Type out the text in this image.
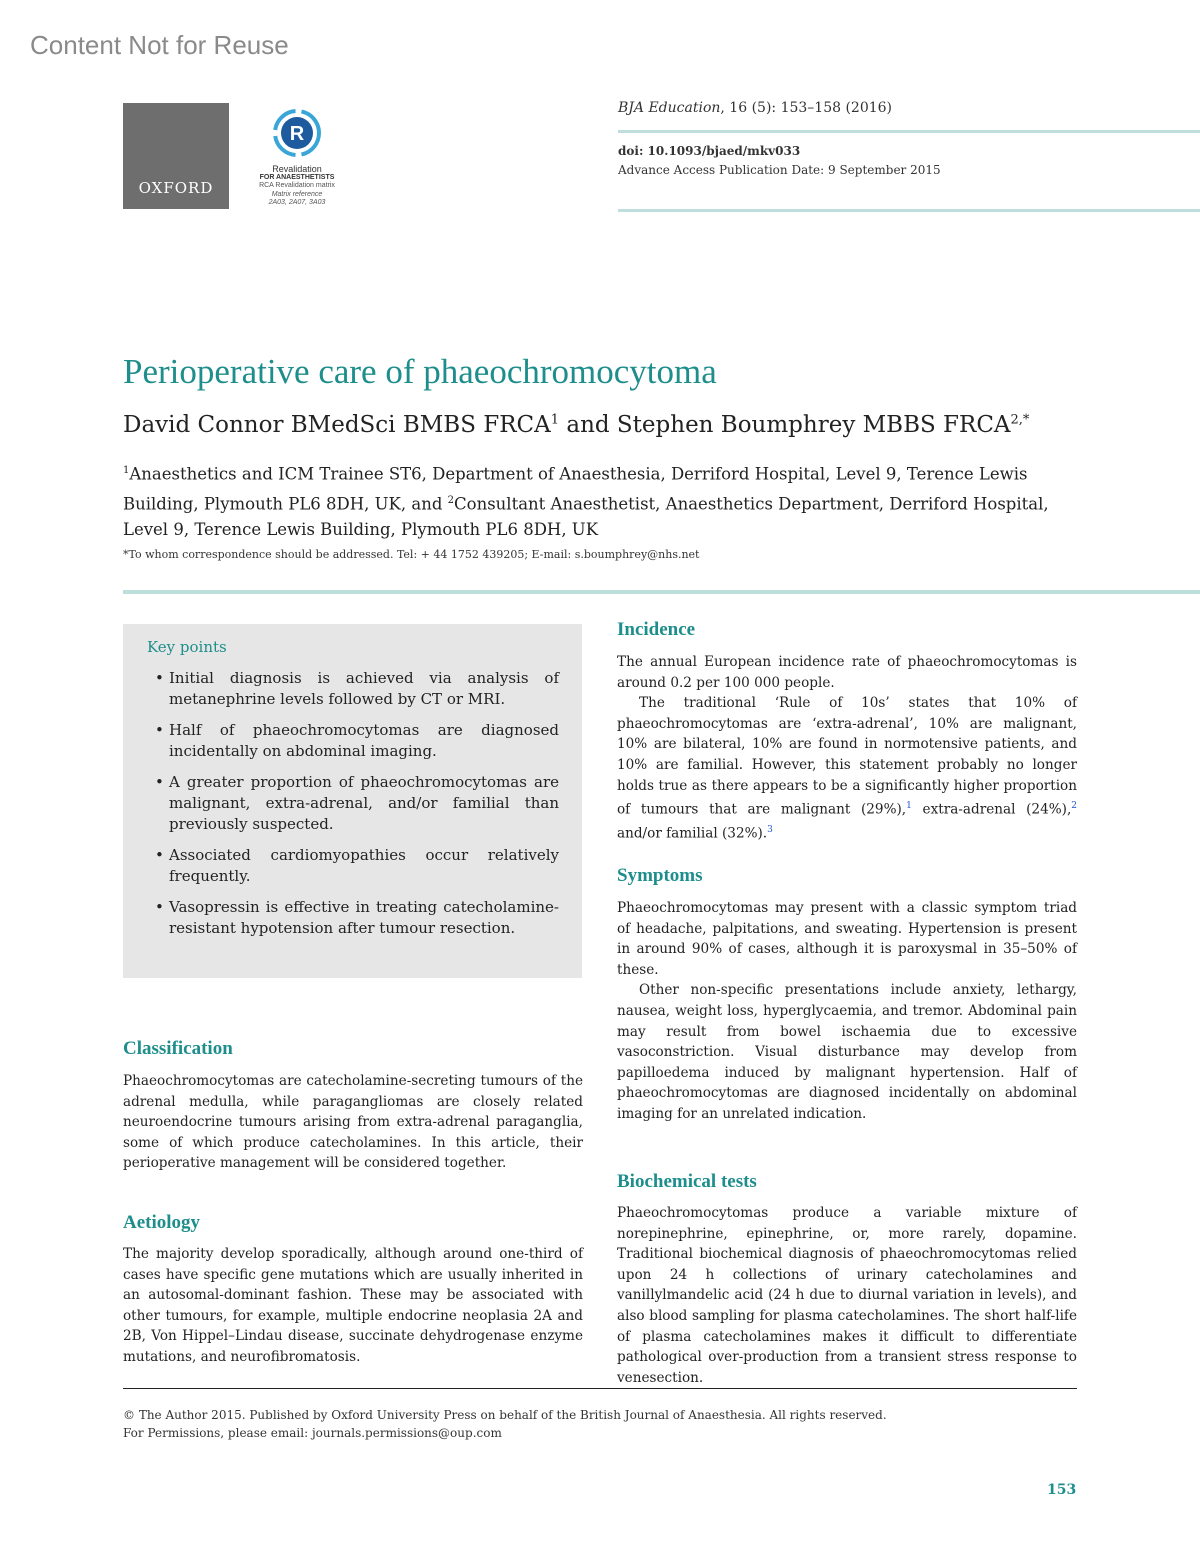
Content Not for Reuse
OXFORD
R
Revalidation
FOR ANAESTHETISTS
RCA Revalidation matrix
Matrix reference
2A03, 2A07, 3A03
BJA Education, 16 (5): 153–158 (2016)
doi: 10.1093/bjaed/mkv033
Advance Access Publication Date: 9 September 2015
Perioperative care of phaeochromocytoma
David Connor BMedSci BMBS FRCA$^1$ and Stephen Boumphrey MBBS $FRCA^{2,*}$
$^1$Anaesthetics and ICM Trainee ST6, Department of Anaesthesia, Derriford Hospital, Level 9, Terence Lewis Building, Plymouth PL6 8DH, UK, and $^2$Consultant Anaesthetist, Anaesthetics Department, Derriford Hospital, Level 9, Terence Lewis Building, Plymouth PL6 8DH, UK
*To whom correspondence should be addressed. Tel: + 44 1752 439205; E-mail: s.boumphrey@nhs.net
Key points
• Initial diagnosis is achieved via analysis of metanephrine levels followed by CT or MRI.
• Half of phaeochromocytomas are diagnosed incidentally on abdominal imaging.
• A greater proportion of phaeochromocytomas are malignant, extra-adrenal, and/or familial than previously suspected.
• Associated cardiomyopathies occur relatively frequently.
• Vasopressin is effective in treating catecholamine-resistant hypotension after tumour resection.
Classification

Phaeochromocytomas are catecholamine-secreting tumours of the adrenal medulla, while paragangliomas are closely related neuroendocrine tumours arising from extra-adrenal paraganglia, some of which produce catecholamines. In this article, their perioperative management will be considered together.

Aetiology

The majority develop sporadically, although around one-third of cases have specific gene mutations which are usually inherited in an autosomal-dominant fashion. These may be associated with other tumours, for example, multiple endocrine neoplasia 2A and 2B, Von Hippel–Lindau disease, succinate dehydrogenase enzyme mutations, and neurofibromatosis.

Incidence
The annual European incidence rate of phaeochromocytomas is around 0.2 per 100 000 people.
The traditional ‘Rule of 10s’ states that 10% of phaeochromocytomas are ‘extra-adrenal’, 10% are malignant, 10% are bilateral, 10% are found in normotensive patients, and 10% are familial. However, this statement probably no longer holds true as there appears to be a significantly higher proportion of tumours that are malignant (29%),$^1$ extra-adrenal (24%),$^2$ and/or familial (32%).$^3$
Symptoms
Phaeochromocytomas may present with a classic symptom triad of headache, palpitations, and sweating. Hypertension is present in around 90% of cases, although it is paroxysmal in 35–50% of these.
Other non-specific presentations include anxiety, lethargy, nausea, weight loss, hyperglycaemia, and tremor. Abdominal pain may result from bowel ischaemia due to excessive vasoconstriction. Visual disturbance may develop from papilloedema induced by malignant hypertension. Half of phaeochromocytomas are diagnosed incidentally on abdominal imaging for an unrelated indication.
Biochemical tests

Phaeochromocytomas produce a variable mixture of norepinephrine, epinephrine, or, more rarely, dopamine. Traditional biochemical diagnosis of phaeochromocytomas relied upon 24 h collections of urinary catecholamines and vanillylmandelic acid (24 h due to diurnal variation in levels), and also blood sampling for plasma catecholamines. The short half-life of plasma catecholamines makes it difficult to differentiate pathological over-production from a transient stress response to venesection.

© The Author 2015. Published by Oxford University Press on behalf of the British Journal of Anaesthesia. All rights reserved.
For Permissions, please email: journals.permissions@oup.com
153
